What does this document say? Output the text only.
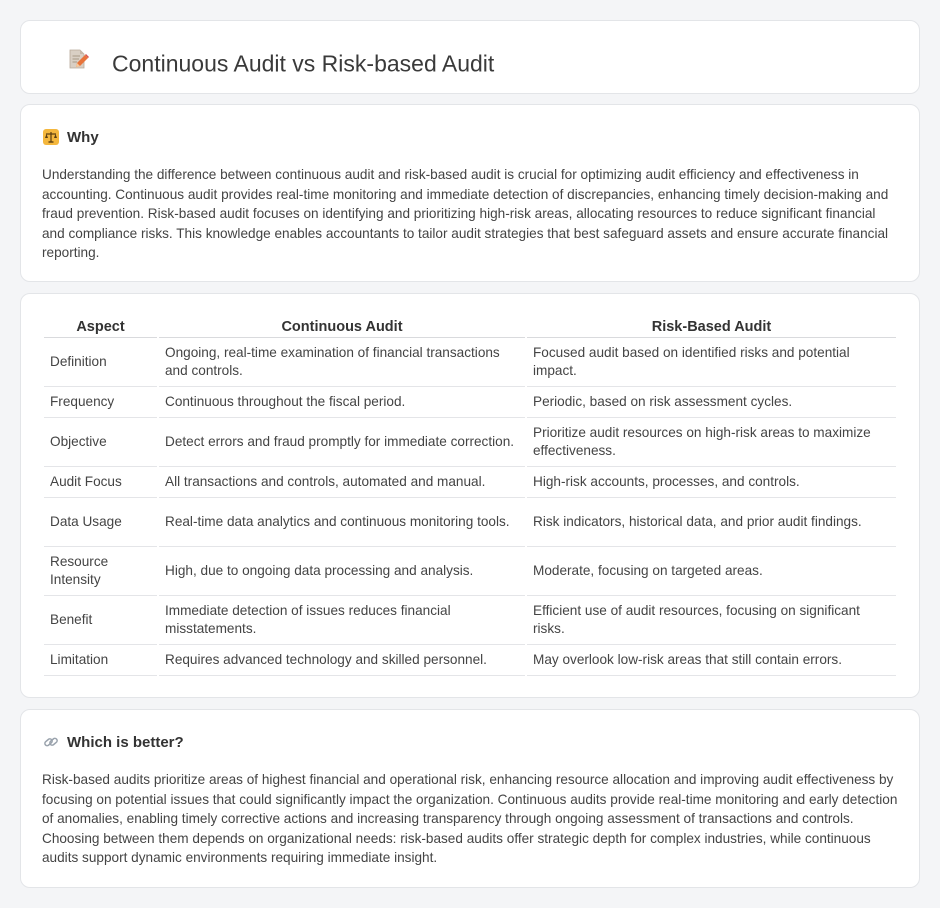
Continuous Audit vs Risk-based Audit
Why

Understanding the difference between continuous audit and risk-based audit is crucial for optimizing audit efficiency and effectiveness in accounting. Continuous audit provides real-time monitoring and immediate detection of discrepancies, enhancing timely decision-making and fraud prevention. Risk-based audit focuses on identifying and prioritizing high-risk areas, allocating resources to reduce significant financial and compliance risks. This knowledge enables accountants to tailor audit strategies that best safeguard assets and ensure accurate financial reporting.

Aspect	Continuous Audit	Risk-Based Audit
Definition	Ongoing, real-time examination of financial transactions and controls.	Focused audit based on identified risks and potential impact.
Frequency	Continuous throughout the fiscal period.	Periodic, based on risk assessment cycles.
Objective	Detect errors and fraud promptly for immediate correction.	Prioritize audit resources on high-risk areas to maximize effectiveness.
Audit Focus	All transactions and controls, automated and manual.	High-risk accounts, processes, and controls.
Data Usage	Real-time data analytics and continuous monitoring tools.	Risk indicators, historical data, and prior audit findings.
Resource Intensity	High, due to ongoing data processing and analysis.	Moderate, focusing on targeted areas.
Benefit	Immediate detection of issues reduces financial misstatements.	Efficient use of audit resources, focusing on significant risks.
Limitation	Requires advanced technology and skilled personnel.	May overlook low-risk areas that still contain errors.
Which is better?

Risk-based audits prioritize areas of highest financial and operational risk, enhancing resource allocation and improving audit effectiveness by focusing on potential issues that could significantly impact the organization. Continuous audits provide real-time monitoring and early detection of anomalies, enabling timely corrective actions and increasing transparency through ongoing assessment of transactions and controls. Choosing between them depends on organizational needs: risk-based audits offer strategic depth for complex industries, while continuous audits support dynamic environments requiring immediate insight.
